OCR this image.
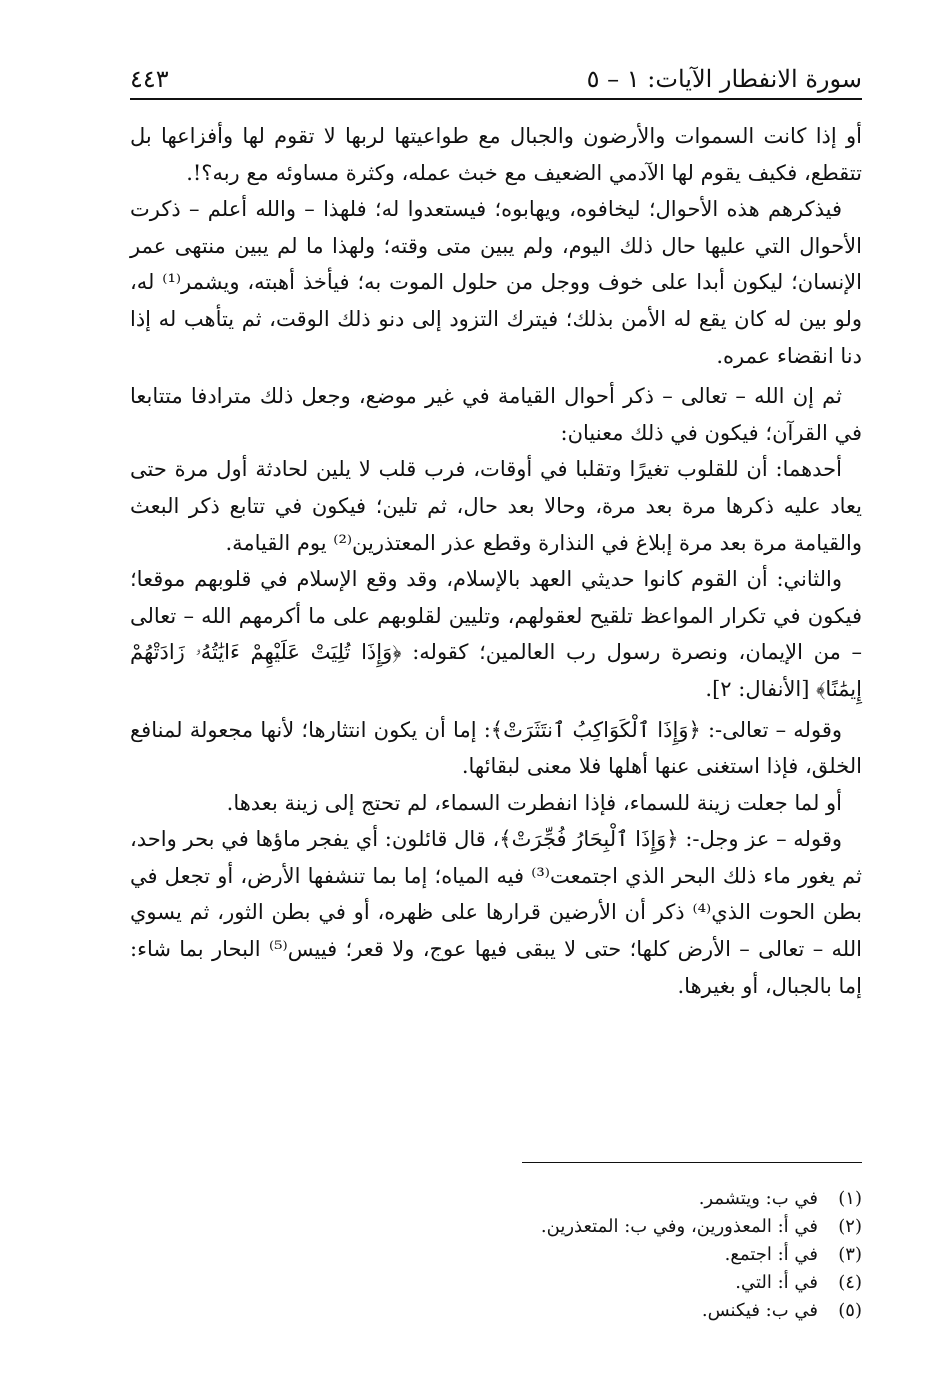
سورة الانفطار الآيات: ١ – ٥
٤٤٣

أو إذا كانت السموات والأرضون والجبال مع طواعيتها لربها لا تقوم لها وأفزاعها بل تتقطع، فكيف يقوم لها الآدمي الضعيف مع خبث عمله، وكثرة مساوئه مع ربه؟!.

فيذكرهم هذه الأحوال؛ ليخافوه، ويهابوه؛ فيستعدوا له؛ فلهذا – والله أعلم – ذكرت الأحوال التي عليها حال ذلك اليوم، ولم يبين متى وقته؛ ولهذا ما لم يبين منتهى عمر الإنسان؛ ليكون أبدا على خوف ووجل من حلول الموت به؛ فيأخذ أهبته، ويشمر⁽¹⁾ له، ولو بين له كان يقع له الأمن بذلك؛ فيترك التزود إلى دنو ذلك الوقت، ثم يتأهب له إذا دنا انقضاء عمره.

ثم إن الله – تعالى – ذكر أحوال القيامة في غير موضع، وجعل ذلك مترادفا متتابعا في القرآن؛ فيكون في ذلك معنيان:

أحدهما: أن للقلوب تغيرًا وتقلبا في أوقات، فرب قلب لا يلين لحادثة أول مرة حتى يعاد عليه ذكرها مرة بعد مرة، وحالا بعد حال، ثم تلين؛ فيكون في تتابع ذكر البعث والقيامة مرة بعد مرة إبلاغ في النذارة وقطع عذر المعتذرين⁽²⁾ يوم القيامة.

والثاني: أن القوم كانوا حديثي العهد بالإسلام، وقد وقع الإسلام في قلوبهم موقعا؛ فيكون في تكرار المواعظ تلقيح لعقولهم، وتليين لقلوبهم على ما أكرمهم الله – تعالى – من الإيمان، ونصرة رسول رب العالمين؛ كقوله: ﴿وَإِذَا تُلِيَتْ عَلَيْهِمْ ءَايَٰتُهُۥ زَادَتْهُمْ إِيمَٰنًا﴾ [الأنفال: ٢].

وقوله – تعالى-: ﴿وَإِذَا ٱلْكَوَاكِبُ ٱنتَثَرَتْ﴾: إما أن يكون انتثارها؛ لأنها مجعولة لمنافع الخلق، فإذا استغنى عنها أهلها فلا معنى لبقائها.

أو لما جعلت زينة للسماء، فإذا انفطرت السماء، لم تحتج إلى زينة بعدها.

وقوله – عز وجل-: ﴿وَإِذَا ٱلْبِحَارُ فُجِّرَتْ﴾، قال قائلون: أي يفجر ماؤها في بحر واحد، ثم يغور ماء ذلك البحر الذي اجتمعت⁽³⁾ فيه المياه؛ إما بما تنشفها الأرض، أو تجعل في بطن الحوت الذي⁽⁴⁾ ذكر أن الأرضين قرارها على ظهره، أو في بطن الثور، ثم يسوي الله – تعالى – الأرض كلها؛ حتى لا يبقى فيها عوج، ولا قعر؛ فييس⁽⁵⁾ البحار بما شاء: إما بالجبال، أو بغيرها.

(١)
في ب: ويتشمر.
(٢)
في أ: المعذورين، وفي ب: المتعذرين.
(٣)
في أ: اجتمع.
(٤)
في أ: التي.
(٥)
في ب: فيكنس.
